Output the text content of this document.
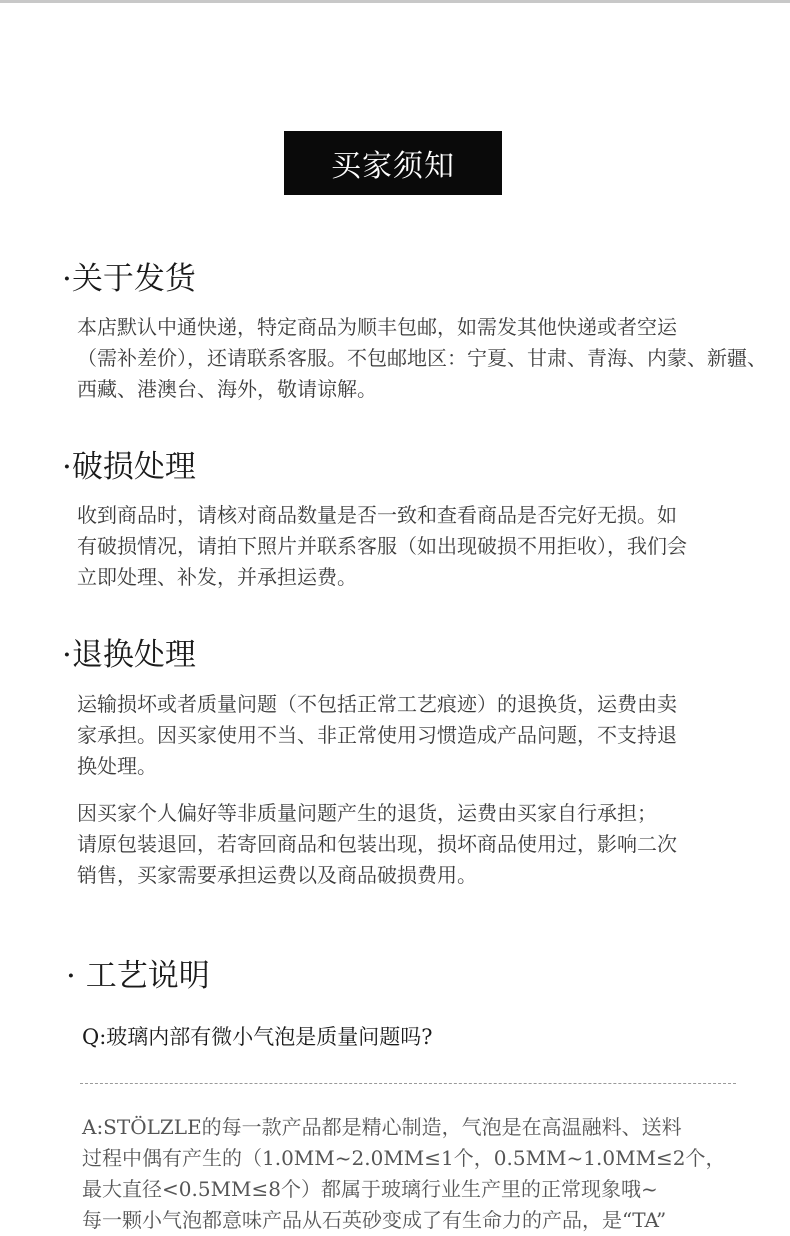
买家须知
·关于发货
本店默认中通快递，特定商品为顺丰包邮，如需发其他快递或者空运
（需补差价），还请联系客服。不包邮地区：宁夏、甘肃、青海、内蒙、新疆、
西藏、港澳台、海外，敬请谅解。
·破损处理
收到商品时，请核对商品数量是否一致和查看商品是否完好无损。如
有破损情况，请拍下照片并联系客服（如出现破损不用拒收），我们会
立即处理、补发，并承担运费。
·退换处理
运输损坏或者质量问题（不包括正常工艺痕迹）的退换货，运费由卖
家承担。因买家使用不当、非正常使用习惯造成产品问题，不支持退
换处理。
因买家个人偏好等非质量问题产生的退货，运费由买家自行承担；
请原包装退回，若寄回商品和包装出现，损坏商品使用过，影响二次
销售，买家需要承担运费以及商品破损费用。
· 工艺说明
Q:玻璃内部有微小气泡是质量问题吗?
A:STÖLZLE的每一款产品都是精心制造，气泡是在高温融料、送料
过程中偶有产生的（1.0MM~2.0MM≤1个，0.5MM~1.0MM≤2个，
最大直径<0.5MM≤8个）都属于玻璃行业生产里的正常现象哦~
每一颗小气泡都意味产品从石英砂变成了有生命力的产品，是“TA”
